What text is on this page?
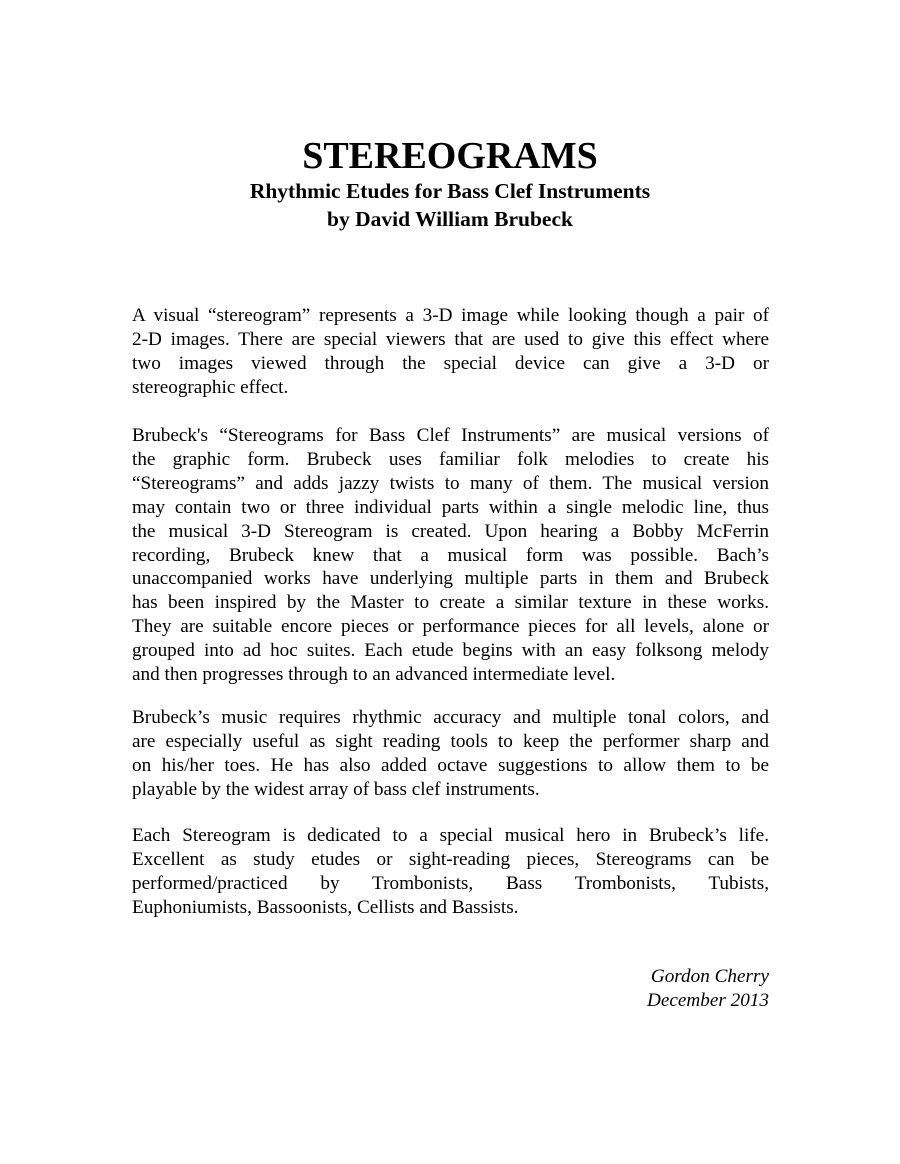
STEREOGRAMS
Rhythmic Etudes for Bass Clef Instruments
by David William Brubeck
A visual “stereogram” represents a 3-D image while looking though a pair of
2-D images. There are special viewers that are used to give this effect where
two images viewed through the special device can give a 3-D or
stereographic effect.
Brubeck's “Stereograms for Bass Clef Instruments” are musical versions of
the graphic form. Brubeck uses familiar folk melodies to create his
“Stereograms” and adds jazzy twists to many of them. The musical version
may contain two or three individual parts within a single melodic line, thus
the musical 3-D Stereogram is created. Upon hearing a Bobby McFerrin
recording, Brubeck knew that a musical form was possible. Bach’s
unaccompanied works have underlying multiple parts in them and Brubeck
has been inspired by the Master to create a similar texture in these works.
They are suitable encore pieces or performance pieces for all levels, alone or
grouped into ad hoc suites. Each etude begins with an easy folksong melody
and then progresses through to an advanced intermediate level.
Brubeck’s music requires rhythmic accuracy and multiple tonal colors, and
are especially useful as sight reading tools to keep the performer sharp and
on his/her toes. He has also added octave suggestions to allow them to be
playable by the widest array of bass clef instruments.
Each Stereogram is dedicated to a special musical hero in Brubeck’s life.
Excellent as study etudes or sight-reading pieces, Stereograms can be
performed/practiced by Trombonists, Bass Trombonists, Tubists,
Euphoniumists, Bassoonists, Cellists and Bassists.
Gordon Cherry
December 2013
